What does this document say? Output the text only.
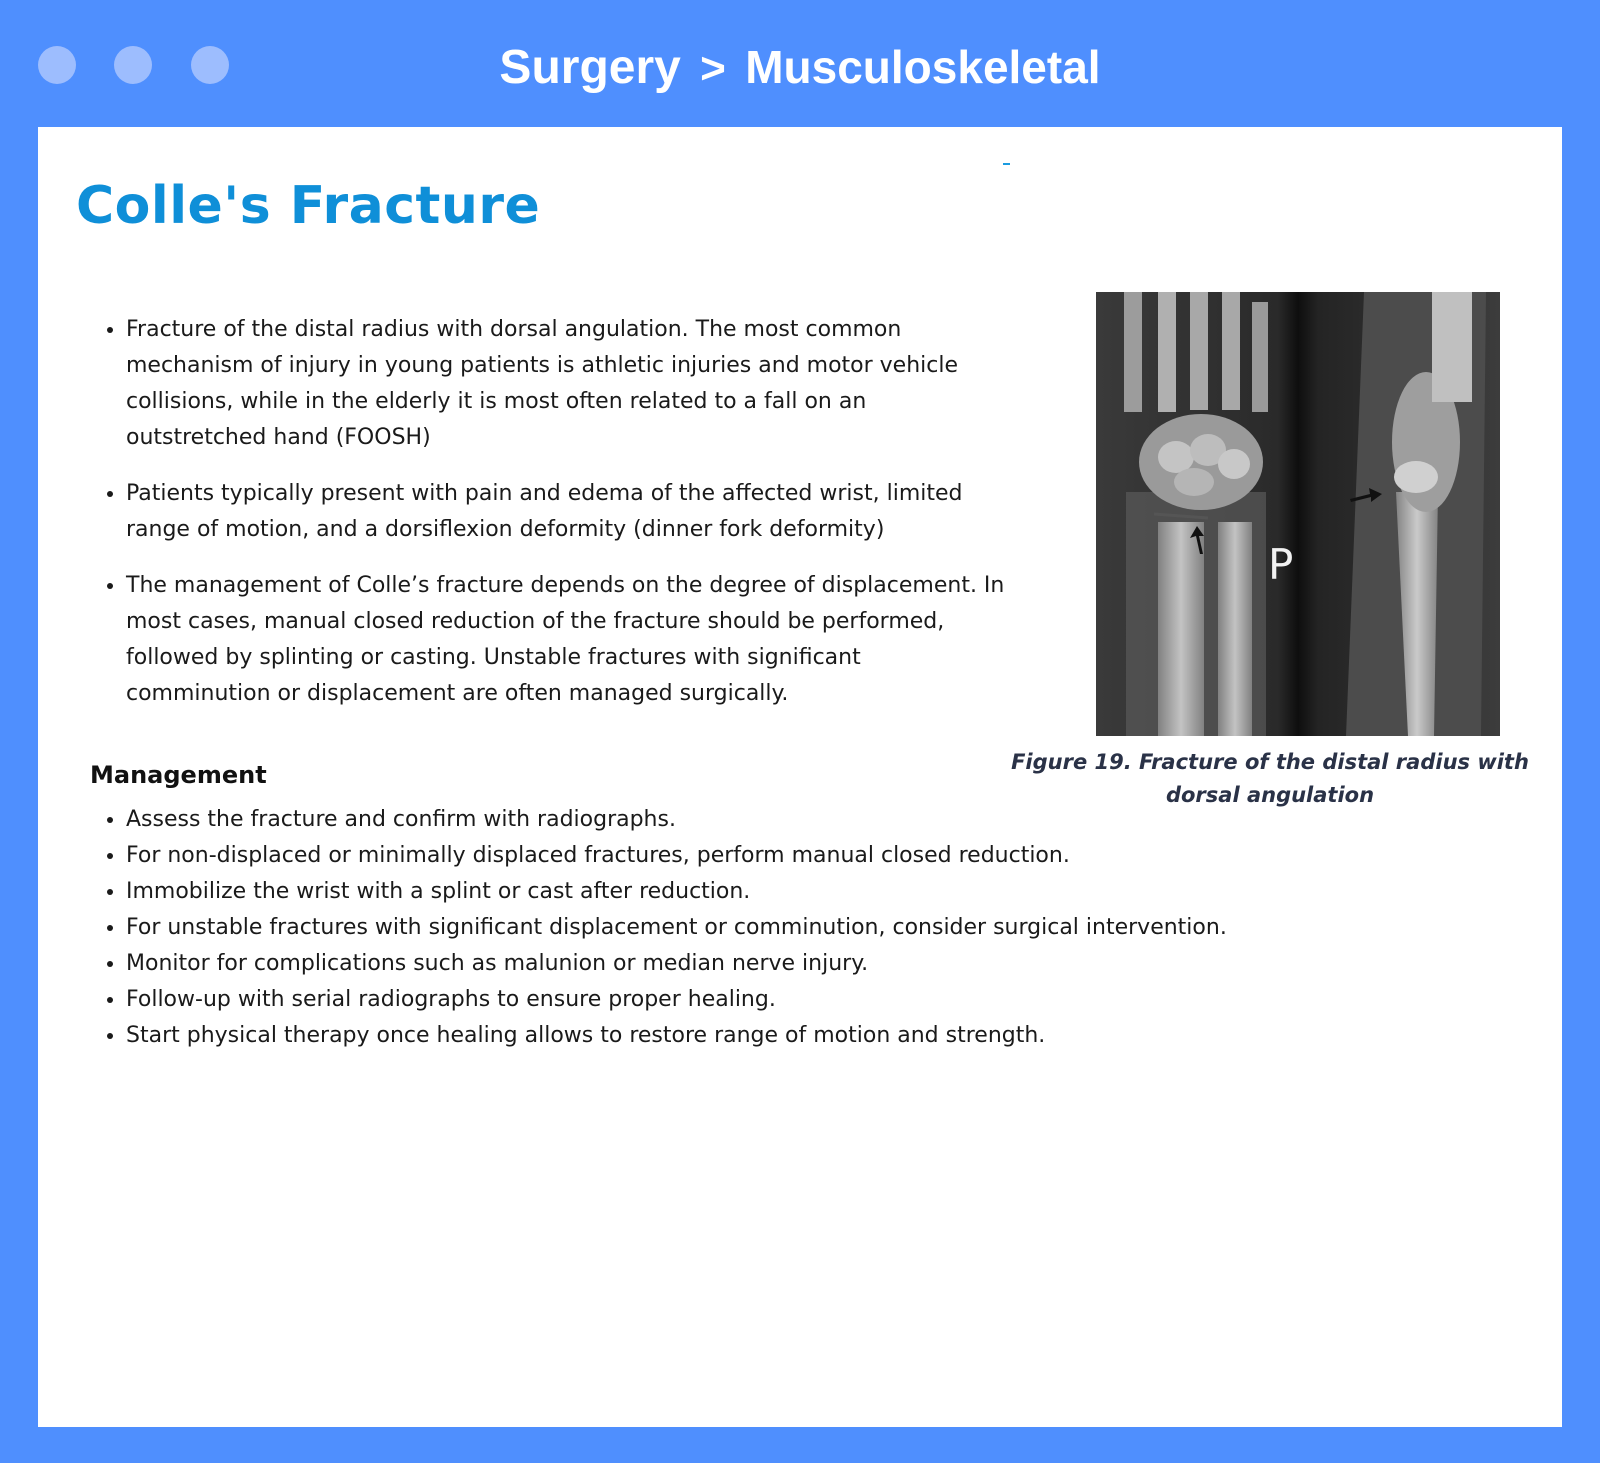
Surgery > Musculoskeletal
Colle's Fracture
• Fracture of the distal radius with dorsal angulation. The most common mechanism of injury in young patients is athletic injuries and motor vehicle collisions, while in the elderly it is most often related to a fall on an outstretched hand (FOOSH)
• Patients typically present with pain and edema of the affected wrist, limited range of motion, and a dorsiflexion deformity (dinner fork deformity)
• The management of Colle’s fracture depends on the degree of displacement. In most cases, manual closed reduction of the fracture should be performed, followed by splinting or casting. Unstable fractures with significant comminution or displacement are often managed surgically.
P
Figure 19. Fracture of the distal radius with dorsal angulation
Management
• Assess the fracture and confirm with radiographs.
• For non-displaced or minimally displaced fractures, perform manual closed reduction.
• Immobilize the wrist with a splint or cast after reduction.
• For unstable fractures with significant displacement or comminution, consider surgical intervention.
• Monitor for complications such as malunion or median nerve injury.
• Follow-up with serial radiographs to ensure proper healing.
• Start physical therapy once healing allows to restore range of motion and strength.
